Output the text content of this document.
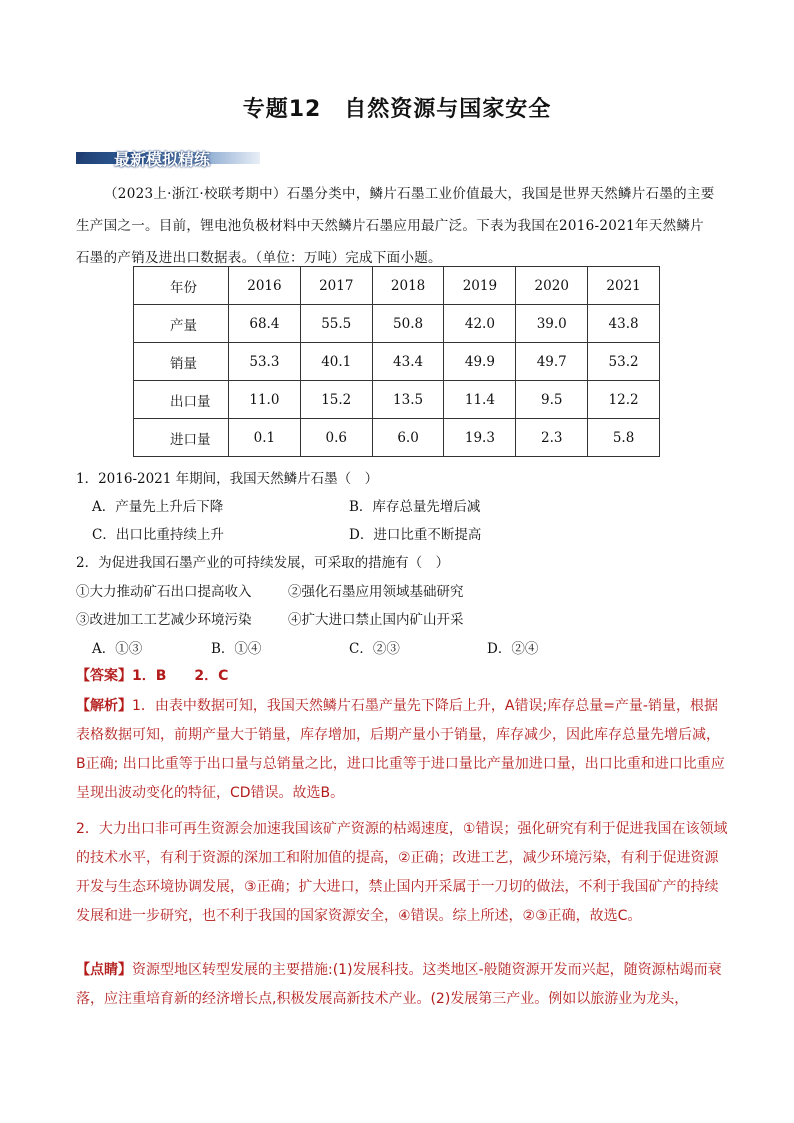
专题12　自然资源与国家安全
最新模拟精练

（2023上·浙江·校联考期中）石墨分类中，鳞片石墨工业价值最大，我国是世界天然鳞片石墨的主要生产国之一。目前，锂电池负极材料中天然鳞片石墨应用最广泛。下表为我国在2016-2021年天然鳞片石墨的产销及进出口数据表。（单位：万吨）完成下面小题。

年份	2016	2017	2018	2019	2020	2021
产量	68.4	55.5	50.8	42.0	39.0	43.8
销量	53.3	40.1	43.4	49.9	49.7	53.2
出口量	11.0	15.2	13.5	11.4	9.5	12.2
进口量	0.1	0.6	6.0	19.3	2.3	5.8
1．2016-2021 年期间，我国天然鳞片石墨（　）
A．产量先上升后下降	B．库存总量先增后减
C．出口比重持续上升	D．进口比重不断提高
2．为促进我国石墨产业的可持续发展，可采取的措施有（　）
①大力推动矿石出口提高收入	②强化石墨应用领域基础研究
③改进加工工艺减少环境污染	④扩大进口禁止国内矿山开采
A．①③	B．①④	C．②③	D．②④

【答案】1．B　　2．C

【解析】1．由表中数据可知，我国天然鳞片石墨产量先下降后上升，A错误;库存总量=产量-销量，根据表格数据可知，前期产量大于销量，库存增加，后期产量小于销量，库存减少，因此库存总量先增后减，B正确; 出口比重等于出口量与总销量之比，进口比重等于进口量比产量加进口量，出口比重和进口比重应呈现出波动变化的特征，CD错误。故选B。

2．大力出口非可再生资源会加速我国该矿产资源的枯竭速度，①错误；强化研究有利于促进我国在该领域的技术水平，有利于资源的深加工和附加值的提高，②正确；改进工艺，减少环境污染，有利于促进资源开发与生态环境协调发展，③正确；扩大进口，禁止国内开采属于一刀切的做法，不利于我国矿产的持续发展和进一步研究，也不利于我国的国家资源安全，④错误。综上所述，②③正确，故选C。

【点睛】资源型地区转型发展的主要措施:(1)发展科技。这类地区-般随资源开发而兴起，随资源枯竭而衰落，应注重培育新的经济增长点,积极发展高新技术产业。(2)发展第三产业。例如以旅游业为龙头，
